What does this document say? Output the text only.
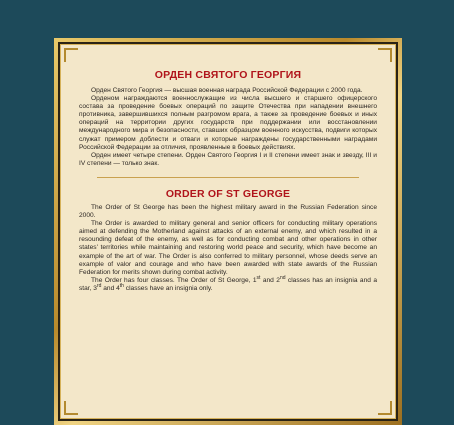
ОРДЕН СВЯТОГО ГЕОРГИЯ

Орден Святого Георгия — высшая военная награда Российской Федерации с 2000 года.

Орденом награждаются военнослужащие из числа высшего и старшего офицерского состава за проведение боевых операций по защите Отечества при нападении внешнего противника, завершившихся полным разгромом врага, а также за проведение боевых и иных операций на территории других государств при поддержании или восстановлении международного мира и безопасности, ставших образцом военного искусства, подвиги которых служат примером доблести и отваги и которые награждены государственными наградами Российской Федерации за отличия, проявленные в боевых действиях.

Орден имеет четыре степени. Орден Святого Георгия I и II степени имеет знак и звезду, III и IV степени — только знак.

ORDER OF ST GEORGE

The Order of St George has been the highest military award in the Russian Federation since 2000.

The Order is awarded to military general and senior officers for conducting military operations aimed at defending the Motherland against attacks of an external enemy, and which resulted in a resounding defeat of the enemy, as well as for conducting combat and other operations in other states' territories while maintaining and restoring world peace and security, which have become an example of the art of war. The Order is also conferred to military personnel, whose deeds serve an example of valor and courage and who have been awarded with state awards of the Russian Federation for merits shown during combat activity.

The Order has four classes. The Order of St George, 1st and 2nd classes has an insignia and a star, 3rd and 4th classes have an insignia only.
